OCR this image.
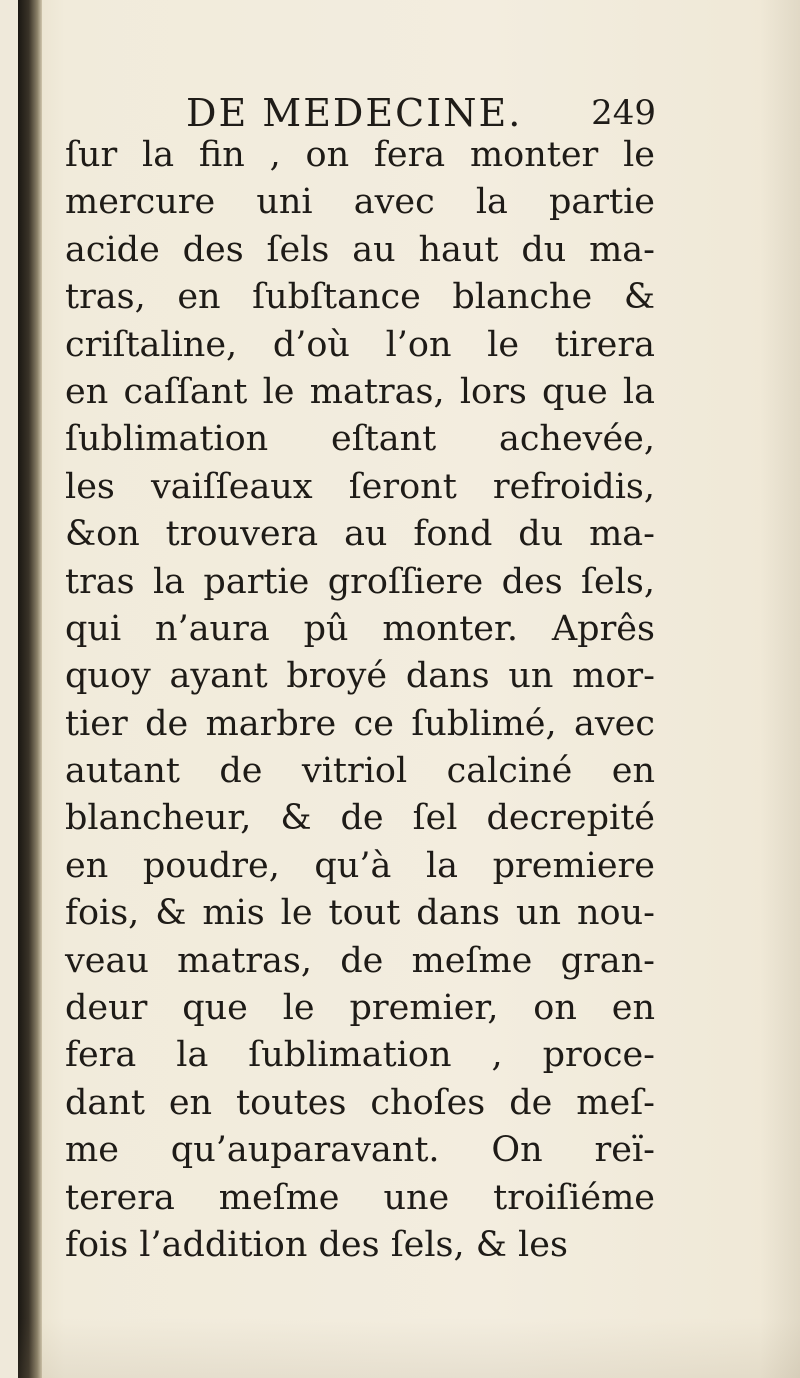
DE MEDECINE. 249
ſur la fin , on fera monter le
mercure uni avec la partie
acide des ſels au haut du ma-
tras, en ſubſtance blanche &
criſtaline, d’où l’on le tirera
en caſſant le matras, lors que la
ſublimation eſtant achevée,
les vaiſſeaux ſeront refroidis,
&on trouvera au fond du ma-
tras la partie groſſiere des ſels,
qui n’aura pû monter. Aprês
quoy ayant broyé dans un mor-
tier de marbre ce ſublimé, avec
autant de vitriol calciné en
blancheur, & de ſel decrepité
en poudre, qu’à la premiere
fois, & mis le tout dans un nou-
veau matras, de meſme gran-
deur que le premier, on en
fera la ſublimation , proce-
dant en toutes choſes de meſ-
me qu’auparavant. On reï-
terera meſme une troiſiéme
fois l’addition des ſels, & les
